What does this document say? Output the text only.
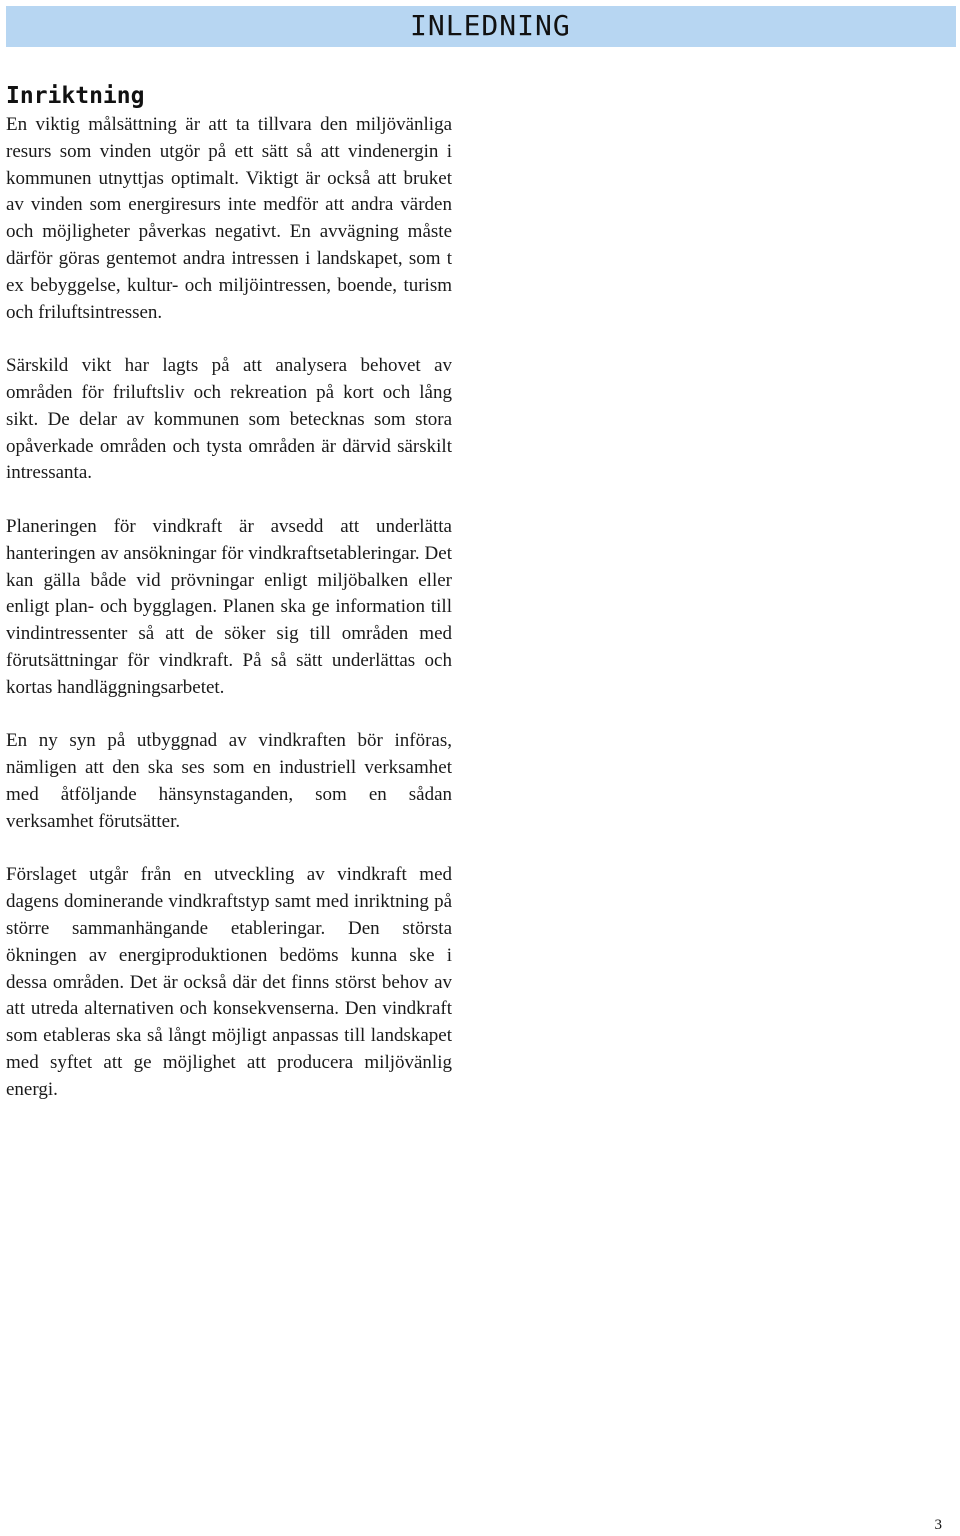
INLEDNING
Inriktning

En viktig målsättning är att ta tillvara den miljövänliga resurs som vinden utgör på ett sätt så att vindenergin i kommunen utnyttjas optimalt. Viktigt är också att bruket av vinden som energiresurs inte medför att andra värden och möjligheter påverkas negativt. En avvägning måste därför göras gentemot andra intressen i landskapet, som t ex bebyggelse, kultur- och miljöintressen, boende, turism och friluftsintressen.

Särskild vikt har lagts på att analysera behovet av områden för friluftsliv och rekreation på kort och lång sikt. De delar av kommunen som betecknas som stora opåverkade områden och tysta områden är därvid särskilt intressanta.

Planeringen för vindkraft är avsedd att underlätta hanteringen av ansökningar för vindkraftsetableringar. Det kan gälla både vid prövningar enligt miljöbalken eller enligt plan- och bygglagen. Planen ska ge information till vindintressenter så att de söker sig till områden med förutsättningar för vindkraft. På så sätt underlättas och kortas handläggningsarbetet.

En ny syn på utbyggnad av vindkraften bör införas, nämligen att den ska ses som en industriell verksamhet med åtföljande hänsynstaganden, som en sådan verksamhet förutsätter.

Förslaget utgår från en utveckling av vindkraft med dagens dominerande vindkraftstyp samt med inriktning på större sammanhängande etableringar. Den största ökningen av energiproduktionen bedöms kunna ske i dessa områden. Det är också där det finns störst behov av att utreda alternativen och konsekvenserna. Den vindkraft som etableras ska så långt möjligt anpassas till landskapet med syftet att ge möjlighet att producera miljövänlig energi.

3
